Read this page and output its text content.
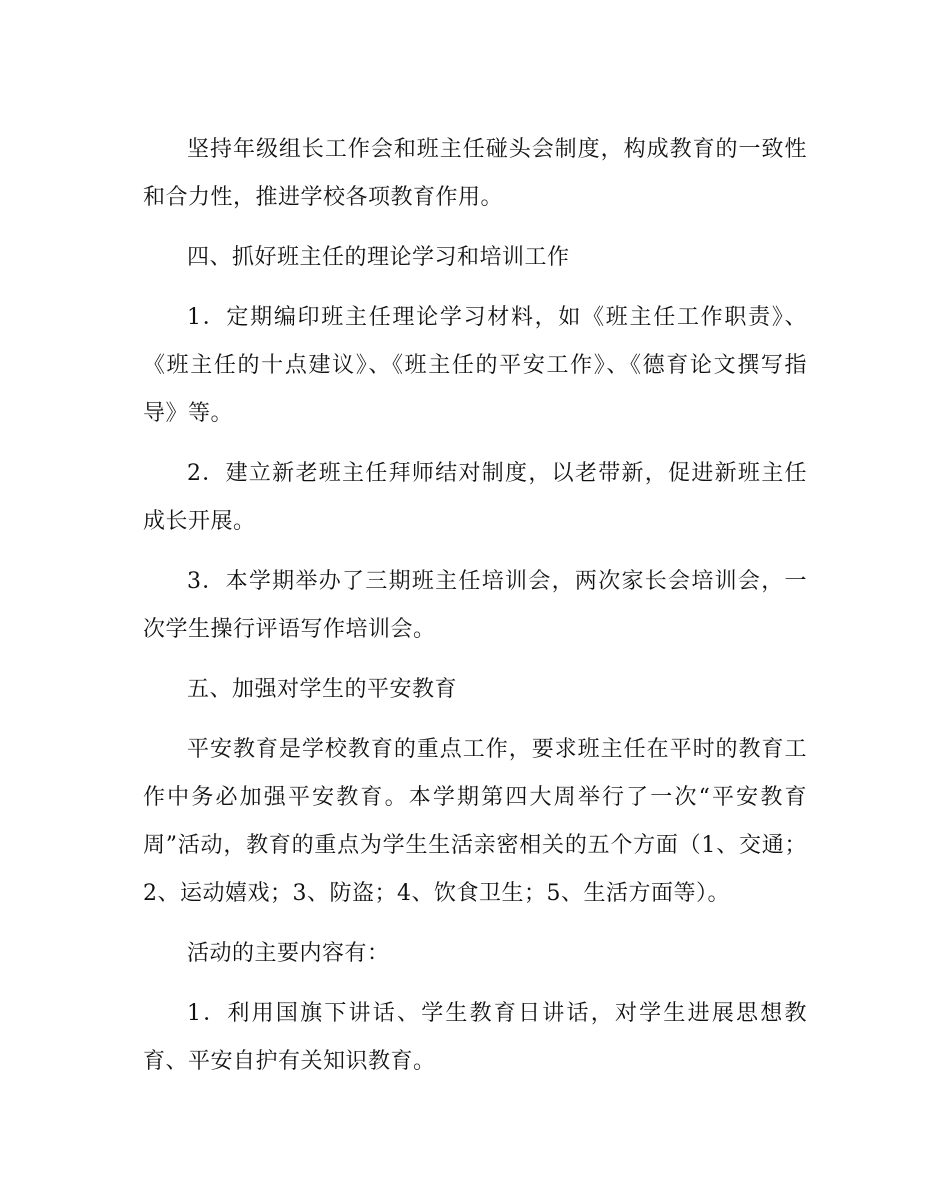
坚持年级组长工作会和班主任碰头会制度，构成教育的一致性和合力性，推进学校各项教育作用。

四、抓好班主任的理论学习和培训工作

1．定期编印班主任理论学习材料，如《班主任工作职责》、《班主任的十点建议》、《班主任的平安工作》、《德育论文撰写指导》等。

2．建立新老班主任拜师结对制度，以老带新，促进新班主任成长开展。

3．本学期举办了三期班主任培训会，两次家长会培训会，一次学生操行评语写作培训会。

五、加强对学生的平安教育

平安教育是学校教育的重点工作，要求班主任在平时的教育工作中务必加强平安教育。本学期第四大周举行了一次“平安教育周”活动，教育的重点为学生生活亲密相关的五个方面（1、交通；2、运动嬉戏；3、防盗；4、饮食卫生；5、生活方面等）。

活动的主要内容有：

1．利用国旗下讲话、学生教育日讲话，对学生进展思想教育、平安自护有关知识教育。
